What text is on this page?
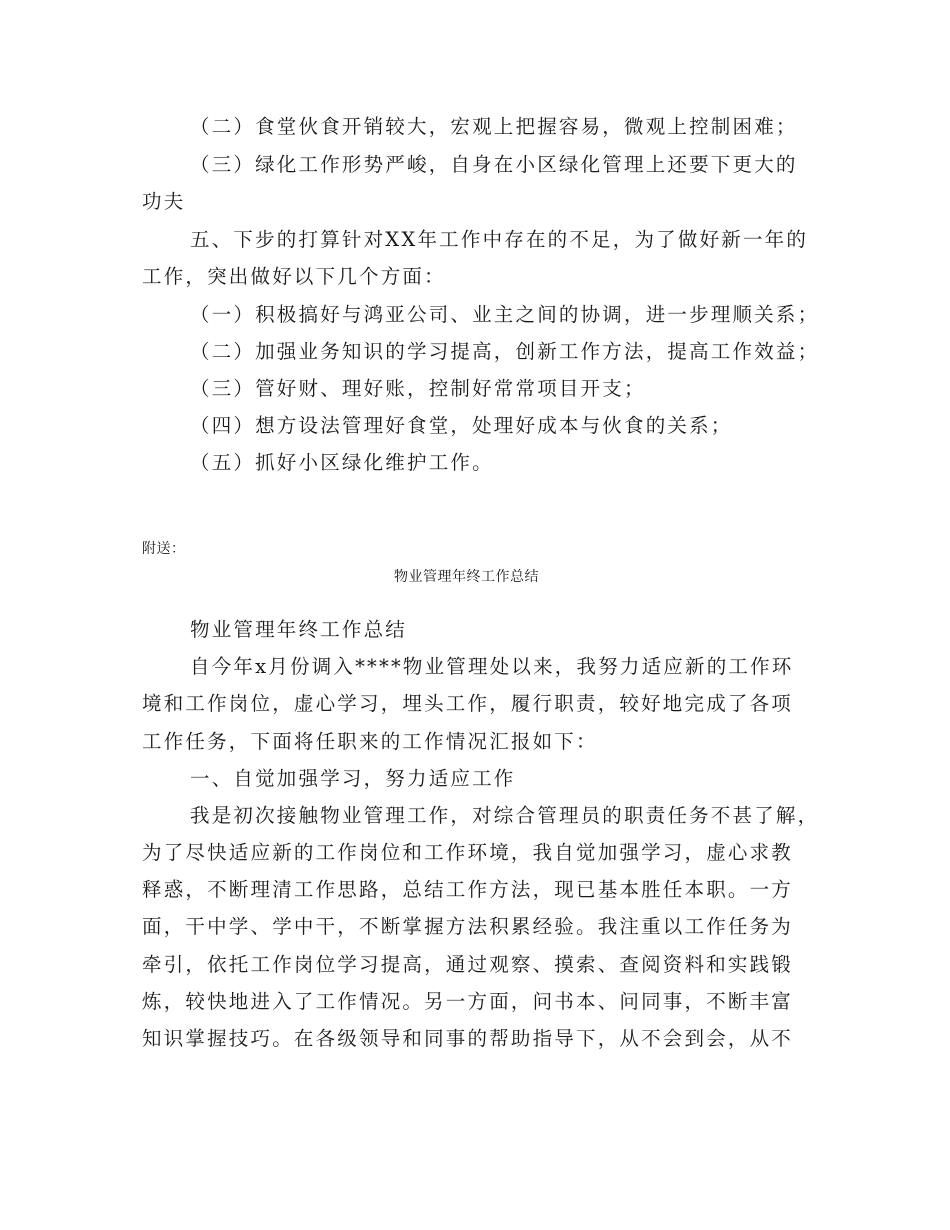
（二）食堂伙食开销较大，宏观上把握容易，微观上控制困难；
（三）绿化工作形势严峻，自身在小区绿化管理上还要下更大的
功夫
五、下步的打算针对XX年工作中存在的不足，为了做好新一年的
工作，突出做好以下几个方面：
（一）积极搞好与鸿亚公司、业主之间的协调，进一步理顺关系；
（二）加强业务知识的学习提高，创新工作方法，提高工作效益；
（三）管好财、理好账，控制好常常项目开支；
（四）想方设法管理好食堂，处理好成本与伙食的关系；
（五）抓好小区绿化维护工作。
附送：
物业管理年终工作总结
物业管理年终工作总结
自今年x月份调入****物业管理处以来，我努力适应新的工作环
境和工作岗位，虚心学习，埋头工作，履行职责，较好地完成了各项
工作任务，下面将任职来的工作情况汇报如下：
一、自觉加强学习，努力适应工作
我是初次接触物业管理工作，对综合管理员的职责任务不甚了解，
为了尽快适应新的工作岗位和工作环境，我自觉加强学习，虚心求教
释惑，不断理清工作思路，总结工作方法，现已基本胜任本职。一方
面，干中学、学中干，不断掌握方法积累经验。我注重以工作任务为
牵引，依托工作岗位学习提高，通过观察、摸索、查阅资料和实践锻
炼，较快地进入了工作情况。另一方面，问书本、问同事，不断丰富
知识掌握技巧。在各级领导和同事的帮助指导下，从不会到会，从不
